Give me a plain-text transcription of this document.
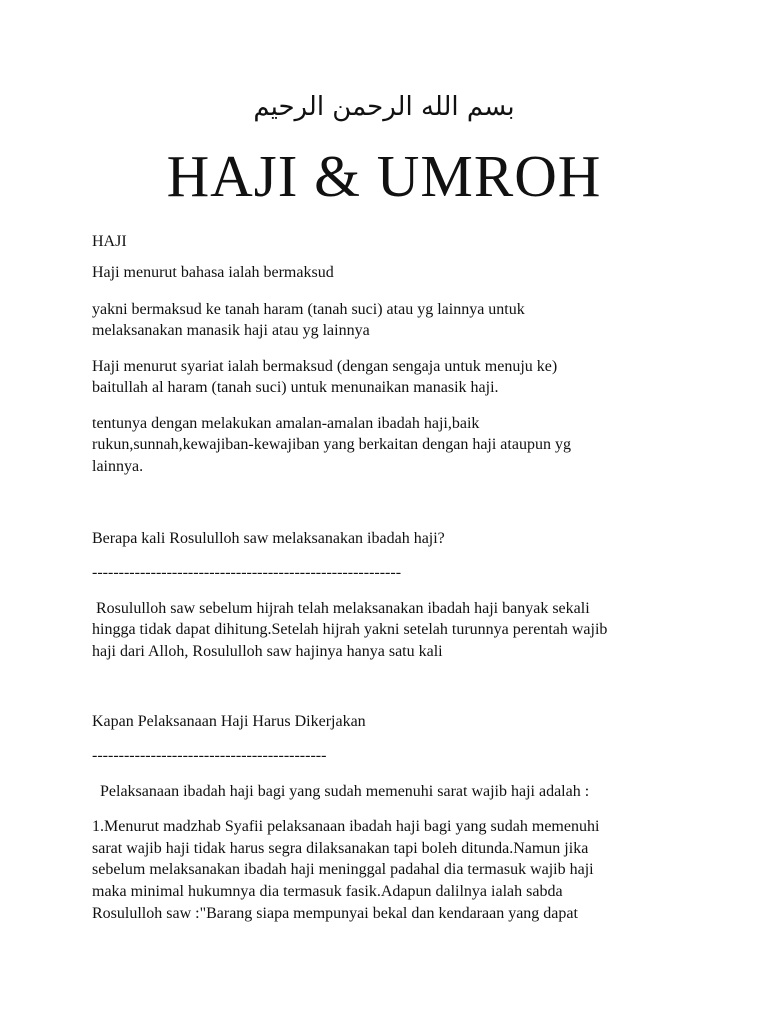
بسم الله الرحمن الرحيم
HAJI & UMROH
HAJI
Haji menurut bahasa ialah bermaksud
yakni bermaksud ke tanah haram (tanah suci) atau yg lainnya untuk
melaksanakan manasik haji atau yg lainnya
Haji menurut syariat ialah bermaksud (dengan sengaja untuk menuju ke)
baitullah al haram (tanah suci) untuk menunaikan manasik haji.
tentunya dengan melakukan amalan-amalan ibadah haji,baik
rukun,sunnah,kewajiban-kewajiban yang berkaitan dengan haji ataupun yg
lainnya.
Berapa kali Rosululloh saw melaksanakan ibadah haji?
----------------------------------------------------------
Rosululloh saw sebelum hijrah telah melaksanakan ibadah haji banyak sekali
hingga tidak dapat dihitung.Setelah hijrah yakni setelah turunnya perentah wajib
haji dari Alloh, Rosululloh saw hajinya hanya satu kali
Kapan Pelaksanaan Haji Harus Dikerjakan
--------------------------------------------
Pelaksanaan ibadah haji bagi yang sudah memenuhi sarat wajib haji adalah :
1.Menurut madzhab Syafii pelaksanaan ibadah haji bagi yang sudah memenuhi
sarat wajib haji tidak harus segra dilaksanakan tapi boleh ditunda.Namun jika
sebelum melaksanakan ibadah haji meninggal padahal dia termasuk wajib haji
maka minimal hukumnya dia termasuk fasik.Adapun dalilnya ialah sabda
Rosululloh saw :"Barang siapa mempunyai bekal dan kendaraan yang dapat
